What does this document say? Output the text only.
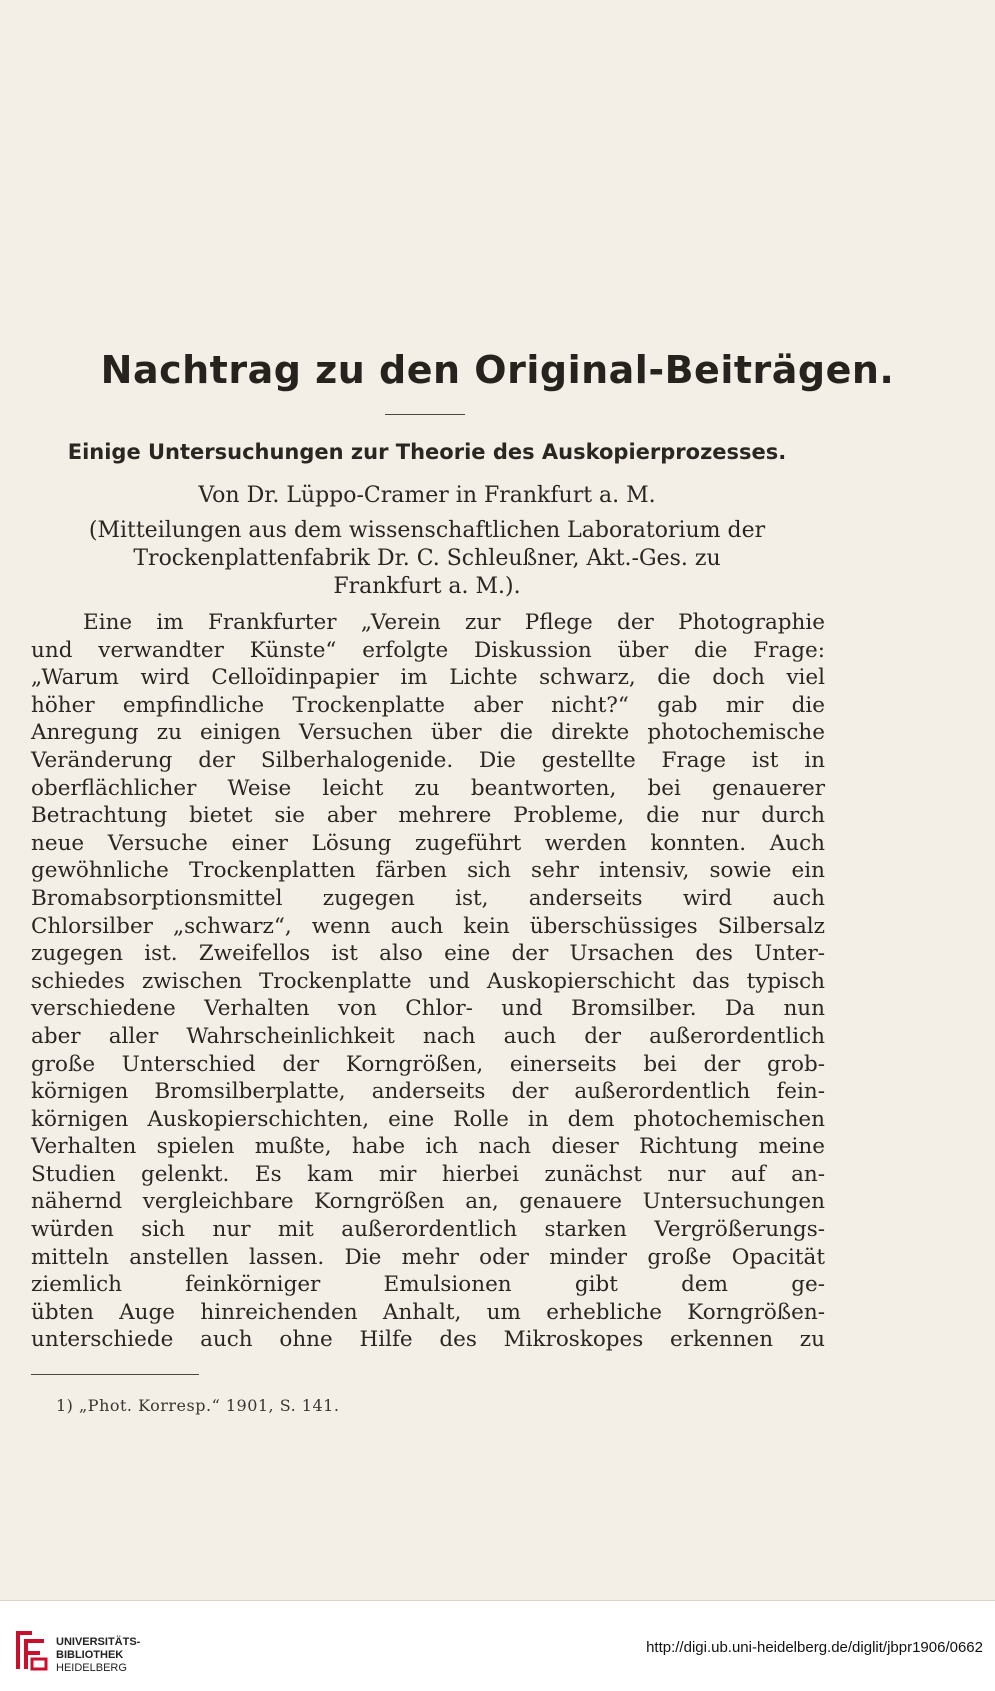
Nachtrag zu den Original-Beiträgen.
Einige Untersuchungen zur Theorie des Auskopierprozesses.
Von Dr. Lüppo-Cramer in Frankfurt a. M.
(Mitteilungen aus dem wissenschaftlichen Laboratorium der
Trockenplattenfabrik Dr. C. Schleußner, Akt.-Ges. zu
Frankfurt a. M.).
Eine im Frankfurter „Verein zur Pflege der Photographie
und verwandter Künste“ erfolgte Diskussion über die Frage:
„Warum wird Celloïdinpapier im Lichte schwarz, die doch viel
höher empfindliche Trockenplatte aber nicht?“ gab mir die
Anregung zu einigen Versuchen über die direkte photochemische
Veränderung der Silberhalogenide. Die gestellte Frage ist in
oberflächlicher Weise leicht zu beantworten, bei genauerer
Betrachtung bietet sie aber mehrere Probleme, die nur durch
neue Versuche einer Lösung zugeführt werden konnten. Auch
gewöhnliche Trockenplatten färben sich sehr intensiv, sowie ein
Bromabsorptionsmittel zugegen ist, anderseits wird auch
Chlorsilber „schwarz“, wenn auch kein überschüssiges Silbersalz
zugegen ist. Zweifellos ist also eine der Ursachen des Unter-
schiedes zwischen Trockenplatte und Auskopierschicht das typisch
verschiedene Verhalten von Chlor- und Bromsilber. Da nun
aber aller Wahrscheinlichkeit nach auch der außerordentlich
große Unterschied der Korngrößen, einerseits bei der grob-
körnigen Bromsilberplatte, anderseits der außerordentlich fein-
körnigen Auskopierschichten, eine Rolle in dem photochemischen
Verhalten spielen mußte, habe ich nach dieser Richtung meine
Studien gelenkt. Es kam mir hierbei zunächst nur auf an-
nähernd vergleichbare Korngrößen an, genauere Untersuchungen
würden sich nur mit außerordentlich starken Vergrößerungs-
mitteln anstellen lassen. Die mehr oder minder große Opacität
ziemlich feinkörniger Emulsionen gibt dem ge-
übten Auge hinreichenden Anhalt, um erhebliche Korngrößen-
unterschiede auch ohne Hilfe des Mikroskopes erkennen zu
1) „Phot. Korresp.“ 1901, S. 141.
UNIVERSITÄTS-
BIBLIOTHEK
HEIDELBERG
http://digi.ub.uni-heidelberg.de/diglit/jbpr1906/0662
